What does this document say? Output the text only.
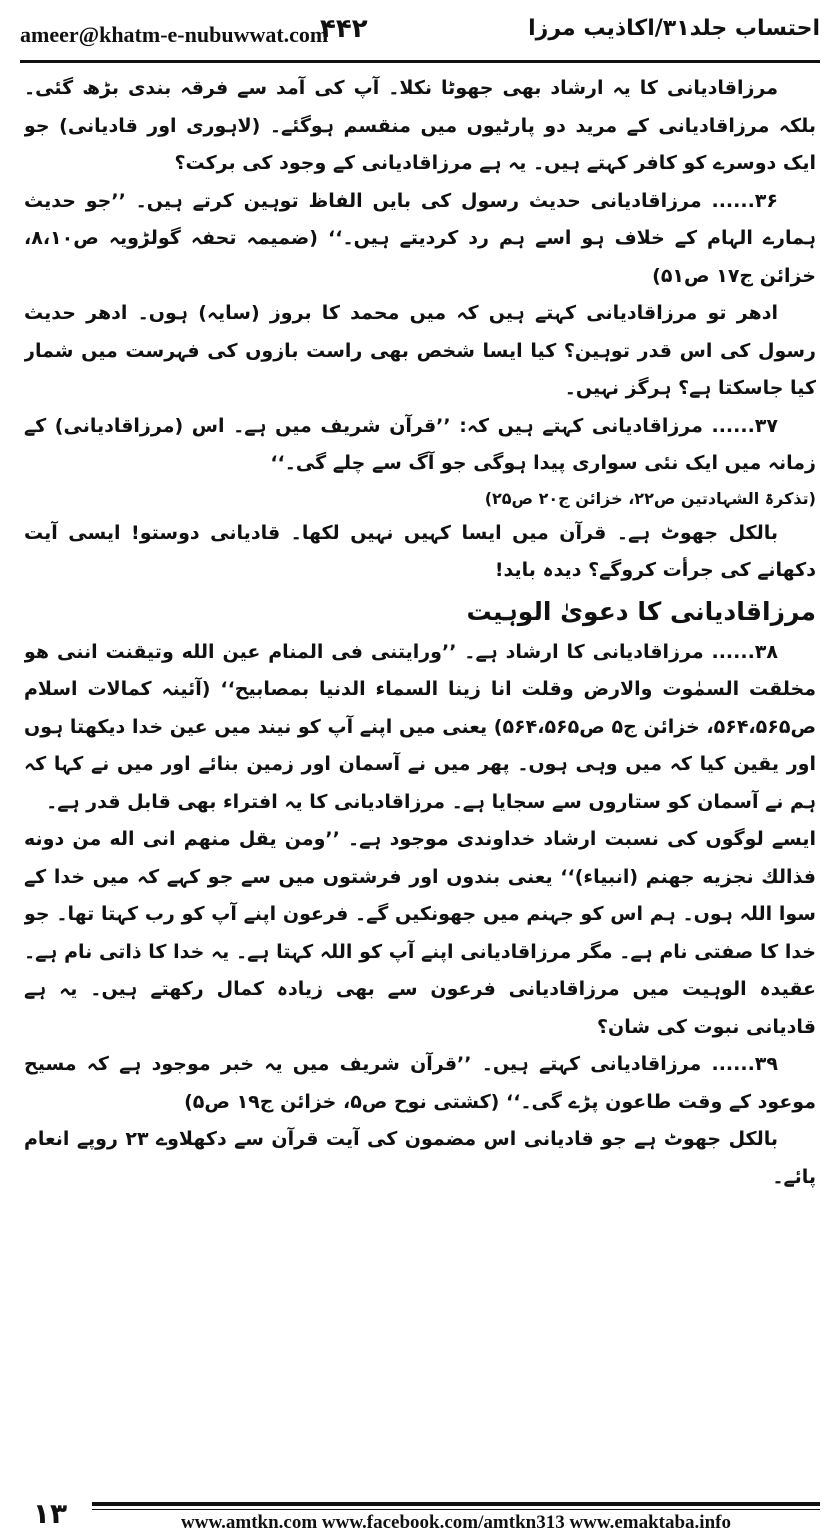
ameer@khatm-e-nubuwwat.com
۴۴۲	احتساب جلد۳۱/اکاذیب مرزا

مرزاقادیانی کا یہ ارشاد بھی جھوٹا نکلا۔ آپ کی آمد سے فرقہ بندی بڑھ گئی۔ بلکہ مرزاقادیانی کے مرید دو پارٹیوں میں منقسم ہوگئے۔ (لاہوری اور قادیانی) جو ایک دوسرے کو کافر کہتے ہیں۔ یہ ہے مرزاقادیانی کے وجود کی برکت؟

۳۶...... مرزاقادیانی حدیث رسول کی بایں الفاظ توہین کرتے ہیں۔ ’’جو حدیث ہمارے الہام کے خلاف ہو اسے ہم رد کردیتے ہیں۔‘‘ (ضمیمہ تحفہ گولڑویہ ص۸،۱۰، خزائن ج۱۷ ص۵۱)

ادھر تو مرزاقادیانی کہتے ہیں کہ میں محمد کا بروز (سایہ) ہوں۔ ادھر حدیث رسول کی اس قدر توہین؟ کیا ایسا شخص بھی راست بازوں کی فہرست میں شمار کیا جاسکتا ہے؟ ہرگز نہیں۔

۳۷...... مرزاقادیانی کہتے ہیں کہ: ’’قرآن شریف میں ہے۔ اس (مرزاقادیانی) کے زمانہ میں ایک نئی سواری پیدا ہوگی جو آگ سے چلے گی۔‘‘

(تذکرۃ الشہادتین ص۲۲، خزائن ج۲۰ ص۲۵)

بالکل جھوٹ ہے۔ قرآن میں ایسا کہیں نہیں لکھا۔ قادیانی دوستو! ایسی آیت دکھانے کی جرأت کروگے؟ دیدہ باید!

مرزاقادیانی کا دعویٰ الوہیت

۳۸...... مرزاقادیانی کا ارشاد ہے۔ ’’ورایتنی فی المنام عین الله وتیقنت اننی ھو مخلقت السمٰوت والارض وقلت انا زینا السماء الدنیا بمصابیح‘‘ (آئینہ کمالات اسلام ص۵۶۴،۵۶۵، خزائن ج۵ ص۵۶۴،۵۶۵) یعنی میں اپنے آپ کو نیند میں عین خدا دیکھتا ہوں اور یقین کیا کہ میں وہی ہوں۔ پھر میں نے آسمان اور زمین بنائے اور میں نے کہا کہ ہم نے آسمان کو ستاروں سے سجایا ہے۔ مرزاقادیانی کا یہ افتراء بھی قابل قدر ہے۔

ایسے لوگوں کی نسبت ارشاد خداوندی موجود ہے۔ ’’ومن یقل منھم انی اله من دونه فذالك نجزیه جھنم (انبیاء)‘‘ یعنی بندوں اور فرشتوں میں سے جو کہے کہ میں خدا کے سوا اللہ ہوں۔ ہم اس کو جہنم میں جھونکیں گے۔ فرعون اپنے آپ کو رب کہتا تھا۔ جو خدا کا صفتی نام ہے۔ مگر مرزاقادیانی اپنے آپ کو اللہ کہتا ہے۔ یہ خدا کا ذاتی نام ہے۔ عقیدہ الوہیت میں مرزاقادیانی فرعون سے بھی زیادہ کمال رکھتے ہیں۔ یہ ہے قادیانی نبوت کی شان؟

۳۹...... مرزاقادیانی کہتے ہیں۔ ’’قرآن شریف میں یہ خبر موجود ہے کہ مسیح موعود کے وقت طاعون پڑے گی۔‘‘ (کشتی نوح ص۵، خزائن ج۱۹ ص۵)

بالکل جھوٹ ہے جو قادیانی اس مضمون کی آیت قرآن سے دکھلاوے ۲۳ روپے انعام پائے۔

۱۳	www.amtkn.com www.facebook.com/amtkn313 www.emaktaba.info
